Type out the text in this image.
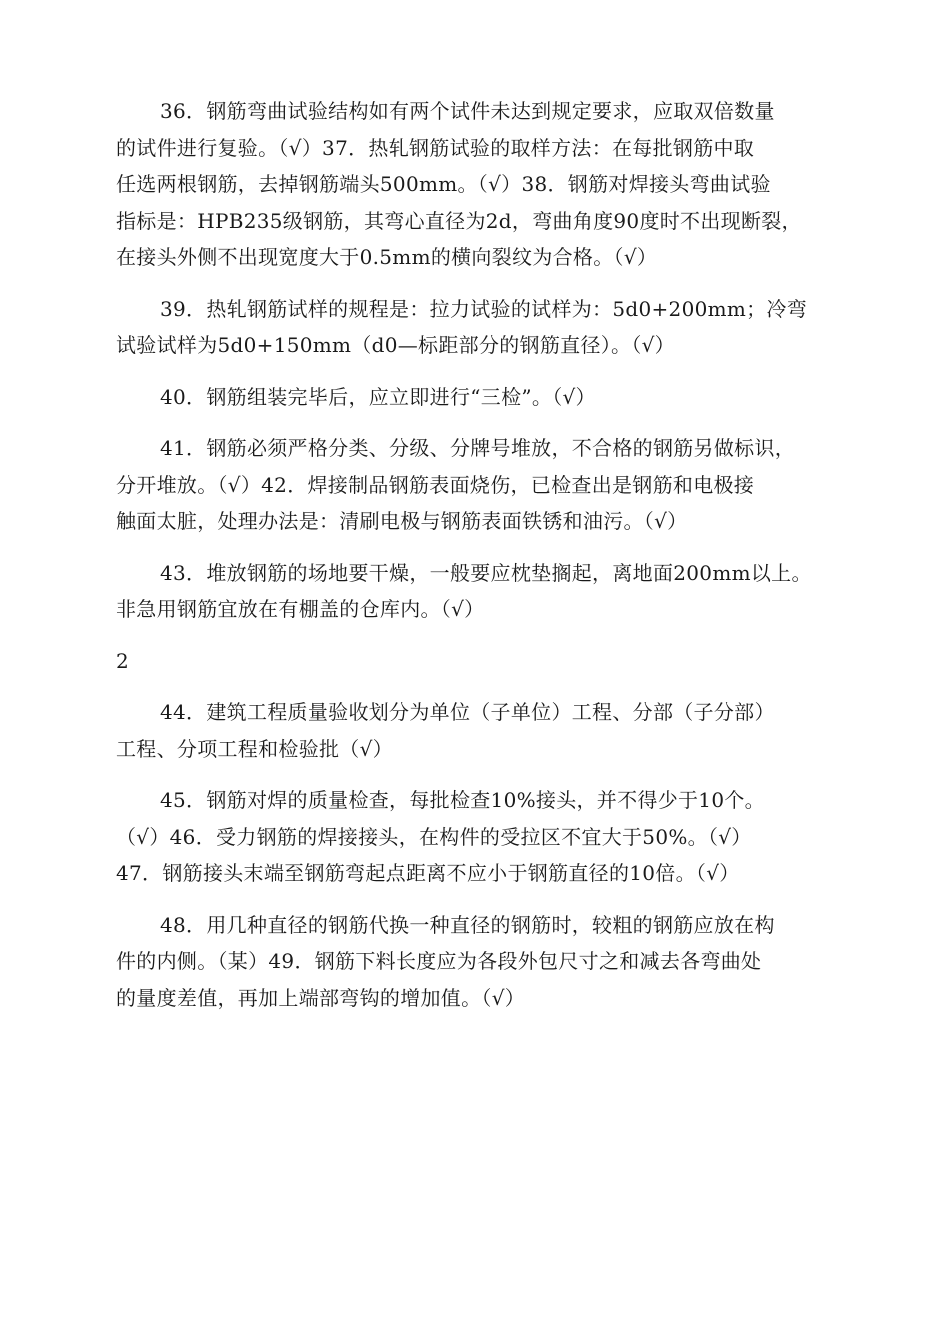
36．钢筋弯曲试验结构如有两个试件未达到规定要求，应取双倍数量
的试件进行复验。（√）37．热轧钢筋试验的取样方法：在每批钢筋中取
任选两根钢筋，去掉钢筋端头500mm。（√）38．钢筋对焊接头弯曲试验
指标是：HPB235级钢筋，其弯心直径为2d，弯曲角度90度时不出现断裂，
在接头外侧不出现宽度大于0.5mm的横向裂纹为合格。（√）

39．热轧钢筋试样的规程是：拉力试验的试样为：5d0+200mm；冷弯
试验试样为5d0+150mm（d0—标距部分的钢筋直径）。（√）

40．钢筋组装完毕后，应立即进行“三检”。（√）

41．钢筋必须严格分类、分级、分牌号堆放，不合格的钢筋另做标识，
分开堆放。（√）42．焊接制品钢筋表面烧伤，已检查出是钢筋和电极接
触面太脏，处理办法是：清刷电极与钢筋表面铁锈和油污。（√）

43．堆放钢筋的场地要干燥，一般要应枕垫搁起，离地面200mm以上。
非急用钢筋宜放在有棚盖的仓库内。（√）

2

44．建筑工程质量验收划分为单位（子单位）工程、分部（子分部）
工程、分项工程和检验批（√）

45．钢筋对焊的质量检查，每批检查10%接头，并不得少于10个。
（√）46．受力钢筋的焊接接头，在构件的受拉区不宜大于50%。（√）
47．钢筋接头末端至钢筋弯起点距离不应小于钢筋直径的10倍。（√）

48．用几种直径的钢筋代换一种直径的钢筋时，较粗的钢筋应放在构
件的内侧。（某）49．钢筋下料长度应为各段外包尺寸之和减去各弯曲处
的量度差值，再加上端部弯钩的增加值。（√）
